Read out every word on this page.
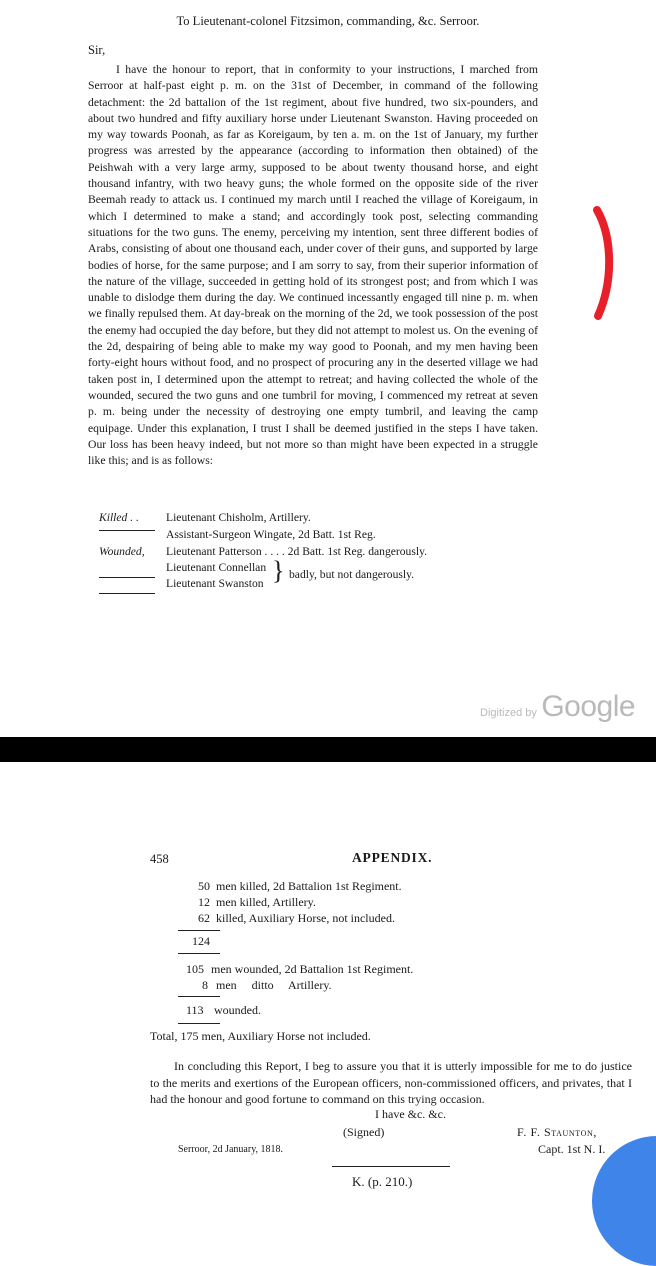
To Lieutenant-colonel Fitzsimon, commanding, &c. Serroor.
Sir,
I have the honour to report, that in conformity to your instructions, I marched from Serroor at half-past eight p. m. on the 31st of December, in command of the following detachment: the 2d battalion of the 1st regiment, about five hundred, two six-pounders, and about two hundred and fifty auxiliary horse under Lieutenant Swanston. Having proceeded on my way towards Poonah, as far as Koreigaum, by ten a. m. on the 1st of January, my further progress was arrested by the appearance (according to information then obtained) of the Peishwah with a very large army, supposed to be about twenty thousand horse, and eight thousand infantry, with two heavy guns; the whole formed on the opposite side of the river Beemah ready to attack us. I continued my march until I reached the village of Koreigaum, in which I determined to make a stand; and accordingly took post, selecting commanding situations for the two guns. The enemy, perceiving my intention, sent three different bodies of Arabs, consisting of about one thousand each, under cover of their guns, and supported by large bodies of horse, for the same purpose; and I am sorry to say, from their superior information of the nature of the village, succeeded in getting hold of its strongest post; and from which I was unable to dislodge them during the day. We continued incessantly engaged till nine p. m. when we finally repulsed them. At day-break on the morning of the 2d, we took possession of the post the enemy had occupied the day before, but they did not attempt to molest us. On the evening of the 2d, despairing of being able to make my way good to Poonah, and my men having been forty-eight hours without food, and no prospect of procuring any in the deserted village we had taken post in, I determined upon the attempt to retreat; and having collected the whole of the wounded, secured the two guns and one tumbril for moving, I commenced my retreat at seven p. m. being under the necessity of destroying one empty tumbril, and leaving the camp equipage. Under this explanation, I trust I shall be deemed justified in the steps I have taken. Our loss has been heavy indeed, but not more so than might have been expected in a struggle like this; and is as follows:
Killed . . Lieutenant Chisholm, Artillery.
Assistant-Surgeon Wingate, 2d Batt. 1st Reg.
Wounded, Lieutenant Patterson . . . . 2d Batt. 1st Reg. dangerously.
Lieutenant Connellan
Lieutenant Swanston } badly, but not dangerously.
Digitized by Google
458	APPENDIX.
50 men killed, 2d Battalion 1st Regiment.
12 men killed, Artillery.
62 killed, Auxiliary Horse, not included.
124
105 men wounded, 2d Battalion 1st Regiment.
8 men     ditto     Artillery.
113 wounded.
Total, 175 men, Auxiliary Horse not included.
In concluding this Report, I beg to assure you that it is utterly impossible for me to do justice to the merits and exertions of the European officers, non-commissioned officers, and privates, that I had the honour and good fortune to command on this trying occasion.
I have &c. &c.
(Signed)	F. F. Staunton,
Capt. 1st N. I.
Serroor, 2d January, 1818.
K. (p. 210.)
